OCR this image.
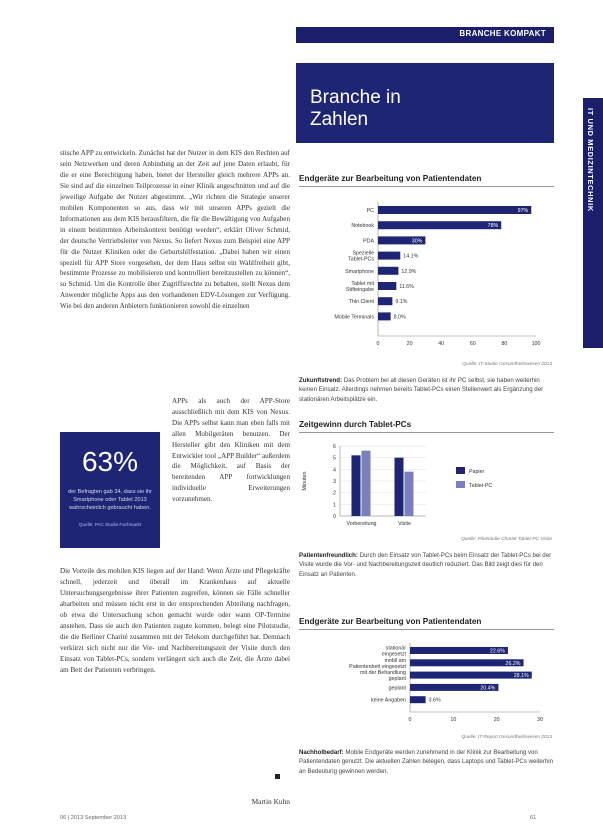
BRANCHE KOMPAKT
IT UND MEDIZINTECHNIK
Branche in
Zahlen

stische APP zu entwickeln. Zunächst hat der Nutzer in dem KIS den Rechten auf sein Netzwerken und deren Anbindung an der Zeit auf jene Daten erlaubt, für die er eine Berechtigung haben, bietet der Hersteller gleich mehrere APPs an. Sie sind auf die einzelnen Teilprozesse in einer Klinik angeschnitten und auf die jeweilige Aufgabe der Nutzer abgestimmt. „Wir richten die Strategie unserer mobilen Komponenten so aus, dass wir mit unseren APPs gezielt die Informationen aus dem KIS herausfiltern, die für die Bewältigung von Aufgaben in einem bestimmten Arbeitskontext benötigt werden“, erklärt Oliver Schmid, der deutsche Vertriebsleiter von Nexus. So liefert Nexus zum Beispiel eine APP für die Nutzer Kliniken oder die Geburtshilfestation. „Dabei haben wir einen speziell für APP Store vorgesehen, der dem Haus selbst ein Wahlfreiheit gibt, bestimmte Prozesse zu mobilisieren und kontrolliert bereitzustellen zu können“, so Schmid. Um die Kontrolle über Zugriffsrechte zu behalten, stellt Nexus dem Anwender mögliche Apps aus den vorhandenen EDV-Lösungen zur Verfügung. Wie bei den anderen Anbietern funktionieren sowohl die einzelnen

APPs als auch der APP-Store ausschließlich mit dem KIS von Nexus. Die APPs selbst kann man eben falls mit allen Mobilgeräten benutzen. Der Hersteller gibt den Kliniken mit dem Entwickler tool „APP Builder“ außerdem die Möglichkeit, auf Basis der bereitenden APP fortwicklungen individuelle Erweiterungen vorzunehmen.

63%
der Befragten gab 34, dass sie ihr Smartphone oder Tablet 2013 wahrscheinlich gebraucht haben.
Quelle: PAC Studie Fachmarkt

Die Vorteile des mobilen KIS liegen auf der Hand: Wenn Ärzte und Pflegekräfte schnell, jederzeit und überall im Krankenhaus auf aktuelle Untersuchungsergebnisse ihrer Patienten zugreifen, können sie Fälle schneller abarbeiten und müssen nicht erst in der entsprechenden Abteilung nachfragen, ob etwa die Untersuchung schon gemacht wurde oder wann OP-Termine anstehen. Dass sie auch den Patienten zugute kommen, belegt eine Pilotstudie, die die Berliner Charité zusammen mit der Telekom durchgeführt hat. Demnach verkürzt sich nicht nur die Vor- und Nachbereitungszeit der Visite durch den Einsatz von Tablet-PCs, sondern verlängert sich auch die Zeit, die Ärzte dabei am Bett der Patienten verbringen.

Martin Kuhn
Endgeräte zur Bearbeitung von Patientendaten
PC	97%
Notebook	78%
PDA	30%
Spezielle
Tablet-PCs	14.1%
Smartphone	12.9%
Tablet mit
Stifteingabe	11.6%
Thin Client	9.1%
Mobile Terminals	8.0%
0	20	40	60	80	100
Quelle: IT-Studie Gesundheitswesen 2013
Zukunftstrend: Das Problem bei all diesen Geräten ist ihr PC selbst, sie haben weiterhin keinen Einsatz. Allerdings nehmen bereits Tablet-PCs einen Stellenwert als Ergänzung der stationären Arbeitsplätze ein.
Zeitgewinn durch Tablet-PCs
Minuten
0
1
2
3
4
5
6
Vorbereitung	Visite
Papier
Tablet-PC
Quelle: Pilotstudie Charité Tablet-PC Visite
Patientenfreundlich: Durch den Einsatz von Tablet-PCs beim Einsatz der Tablet-PCs bei der Visite wurde die Vor- und Nachbereitungszeit deutlich reduziert. Das Bild zeigt dies für den Einsatz an Patienten.
Endgeräte zur Bearbeitung von Patientendaten
stationär
eingesetzt	22.6%
mobil am
Patientenbett eingesetzt	26.2%
mit der Behandlung
geplant	28.1%
geplant	20.4%
keine Angaben	3.6%
0	10	20	30
Quelle: IT-Report Gesundheitswesen 2013
Nachholbedarf: Mobile Endgeräte werden zunehmend in der Klinik zur Bearbeitung von Patientendaten genutzt. Die aktuellen Zahlen belegen, dass Laptops und Tablet-PCs weiterhin an Bedeutung gewinnen werden.
06 | 2013 September 2013	61
